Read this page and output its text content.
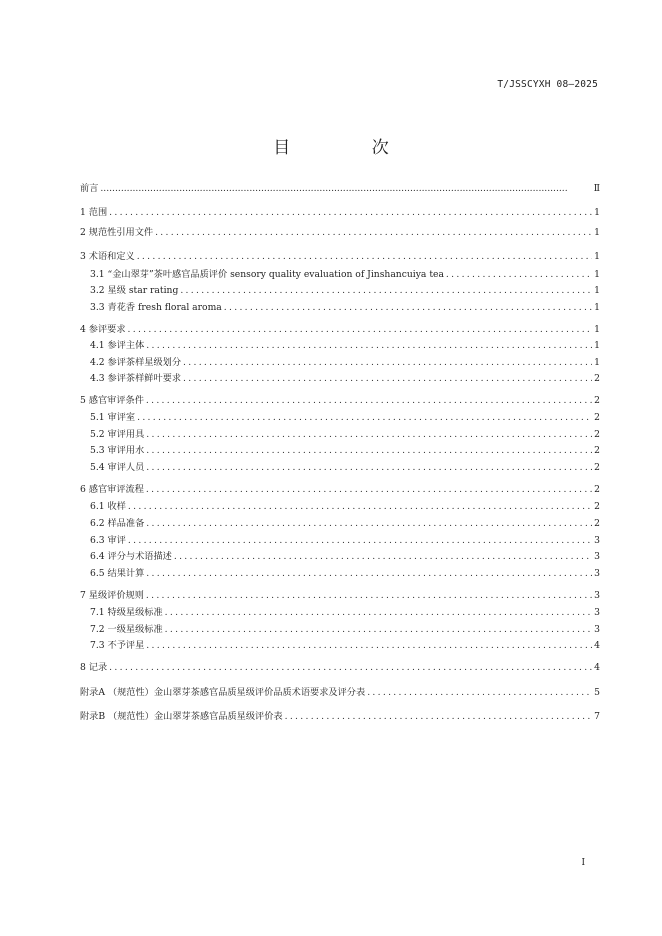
T/JSSCYXH 08—2025
目 次
前言 .....	Ⅱ
1 范围 .....	1
2 规范性引用文件 .....	1
3 术语和定义 .....	1
3.1 “金山翠芽”茶叶感官品质评价 sensory quality evaluation of Jinshancuiya tea .....	1
3.2 星级 star rating .....	1
3.3 青花香 fresh floral aroma .....	1
4 参评要求 .....	1
4.1 参评主体 .....	1
4.2 参评茶样星级划分 .....	1
4.3 参评茶样鲜叶要求 .....	2
5 感官审评条件 .....	2
5.1 审评室 .....	2
5.2 审评用具 .....	2
5.3 审评用水 .....	2
5.4 审评人员 .....	2
6 感官审评流程 .....	2
6.1 收样 .....	2
6.2 样品准备 .....	2
6.3 审评 .....	3
6.4 评分与术语描述 .....	3
6.5 结果计算 .....	3
7 星级评价规则 .....	3
7.1 特级星级标准 .....	3
7.2 一级星级标准 .....	3
7.3 不予评星 .....	4
8 记录 .....	4
附录A （规范性）金山翠芽茶感官品质星级评价品质术语要求及评分表 .....	5
附录B （规范性）金山翠芽茶感官品质星级评价表 .....	7
I
